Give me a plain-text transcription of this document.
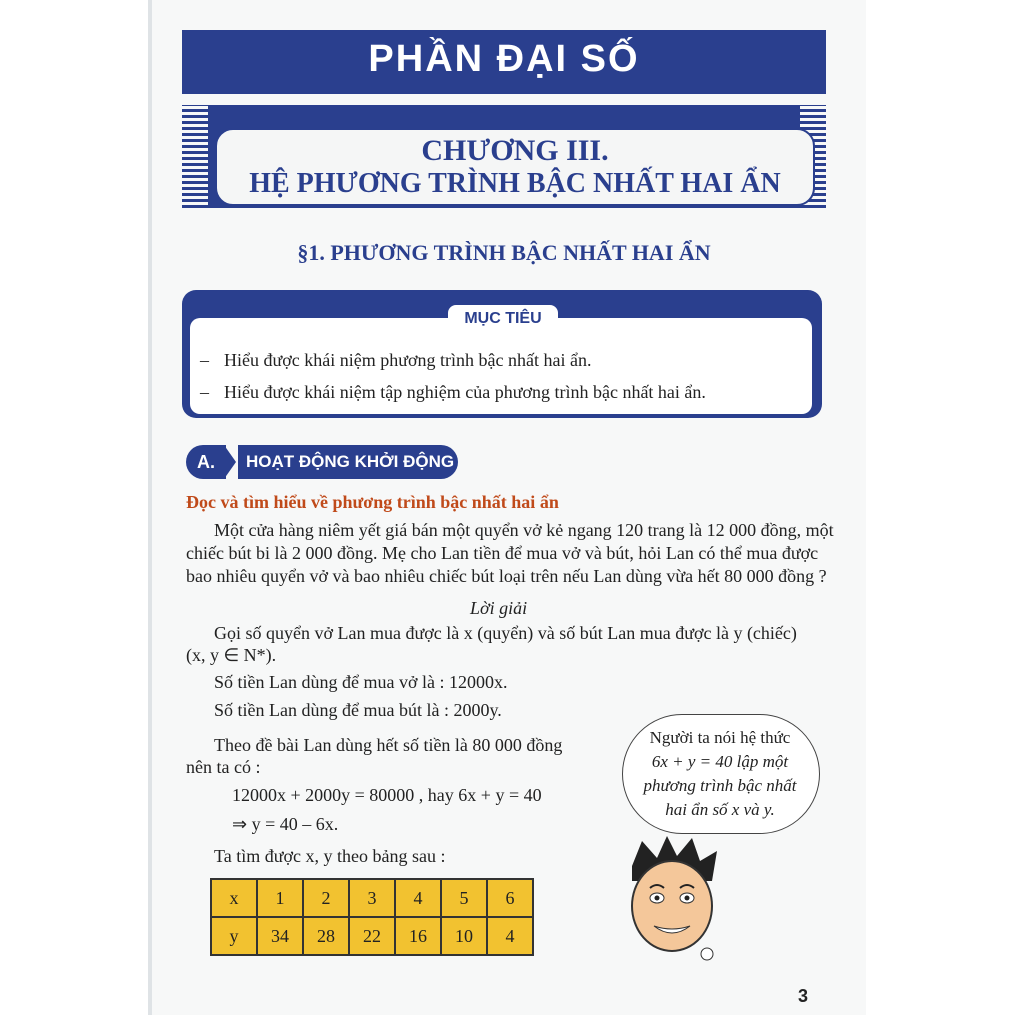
PHẦN ĐẠI SỐ
CHƯƠNG III.
HỆ PHƯƠNG TRÌNH BẬC NHẤT HAI ẨN
§1. PHƯƠNG TRÌNH BẬC NHẤT HAI ẨN
MỤC TIÊU
– Hiểu được khái niệm phương trình bậc nhất hai ẩn.
– Hiểu được khái niệm tập nghiệm của phương trình bậc nhất hai ẩn.
A.	HOẠT ĐỘNG KHỞI ĐỘNG
Đọc và tìm hiểu về phương trình bậc nhất hai ẩn
Một cửa hàng niêm yết giá bán một quyển vở kẻ ngang 120 trang là 12 000 đồng, một
chiếc bút bi là 2 000 đồng. Mẹ cho Lan tiền để mua vở và bút, hỏi Lan có thể mua được
bao nhiêu quyển vở và bao nhiêu chiếc bút loại trên nếu Lan dùng vừa hết 80 000 đồng ?
Lời giải
Gọi số quyển vở Lan mua được là x (quyển) và số bút Lan mua được là y (chiếc)
(x, y ∈ N*).
Số tiền Lan dùng để mua vở là : 12000x.
Số tiền Lan dùng để mua bút là : 2000y.
Theo đề bài Lan dùng hết số tiền là 80 000 đồng
nên ta có :
12000x + 2000y = 80000 , hay 6x + y = 40
⇒ y = 40 – 6x.
Ta tìm được x, y theo bảng sau :
Người ta nói hệ thức
6x + y = 40 lập một
phương trình bậc nhất
hai ẩn số x và y.
x	1	2	3	4	5	6
y	34	28	22	16	10	4
3
